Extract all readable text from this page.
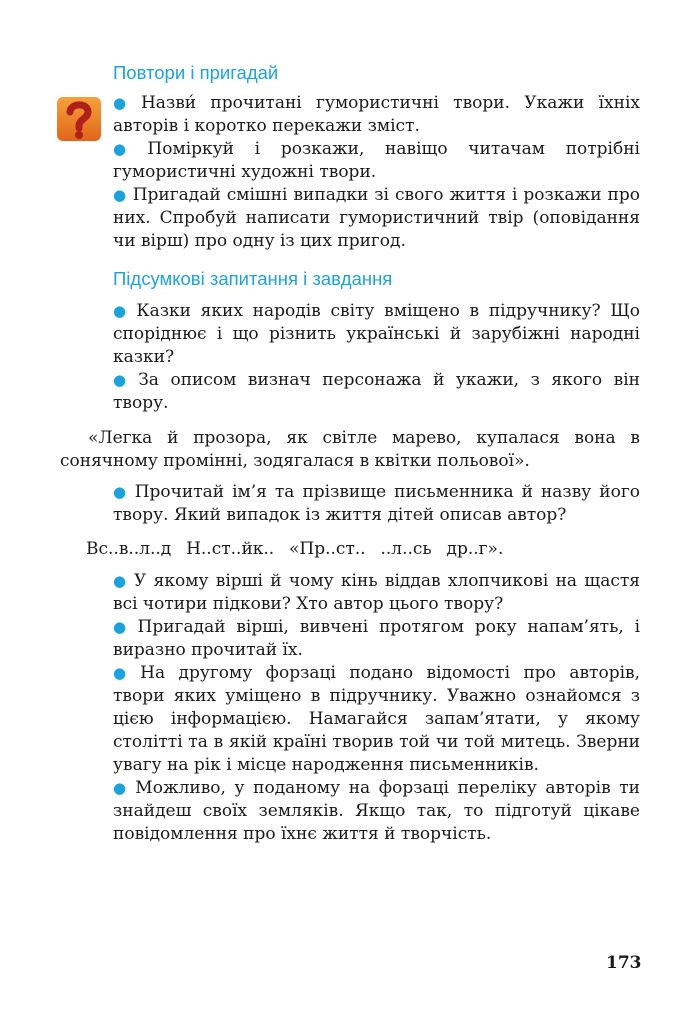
Повтори і пригадай

● Назви́ прочитані гумористичні твори. Укажи їхніх авторів і коротко перекажи зміст.

● Поміркуй і розкажи, навіщо читачам потрібні гумористичні художні твори.

● Пригадай смішні випадки зі свого життя і розкажи про них. Спробуй написати гумористичний твір (оповідання чи вірш) про одну із цих пригод.

Підсумкові запитання і завдання

● Казки яких народів світу вміщено в підручнику? Що споріднює і що різнить українські й зарубіжні народні казки?

● За описом визнач персонажа й укажи, з якого він твору.

«Легка й прозора, як світле марево, купалася вона в сонячному промінні, зодягалася в квітки польової».

● Прочитай ім’я та прізвище письменника й назву його твору. Який випадок із життя дітей описав автор?

Вс..в..л..д  Н..ст..йк..  «Пр..ст..  ..л..сь  др..г».

● У якому вірші й чому кінь віддав хлопчикові на щастя всі чотири підкови? Хто автор цього твору?

● Пригадай вірші, вивчені протягом року напам’ять, і виразно прочитай їх.

● На другому форзаці подано відомості про авторів, твори яких уміщено в підручнику. Уважно ознайомся з цією інформацією. Намагайся запам’ятати, у якому столітті та в якій країні творив той чи той митець. Зверни увагу на рік і місце народження письменників.

● Можливо, у поданому на форзаці переліку авторів ти знайдеш своїх земляків. Якщо так, то підготуй цікаве повідомлення про їхнє життя й творчість.

173
